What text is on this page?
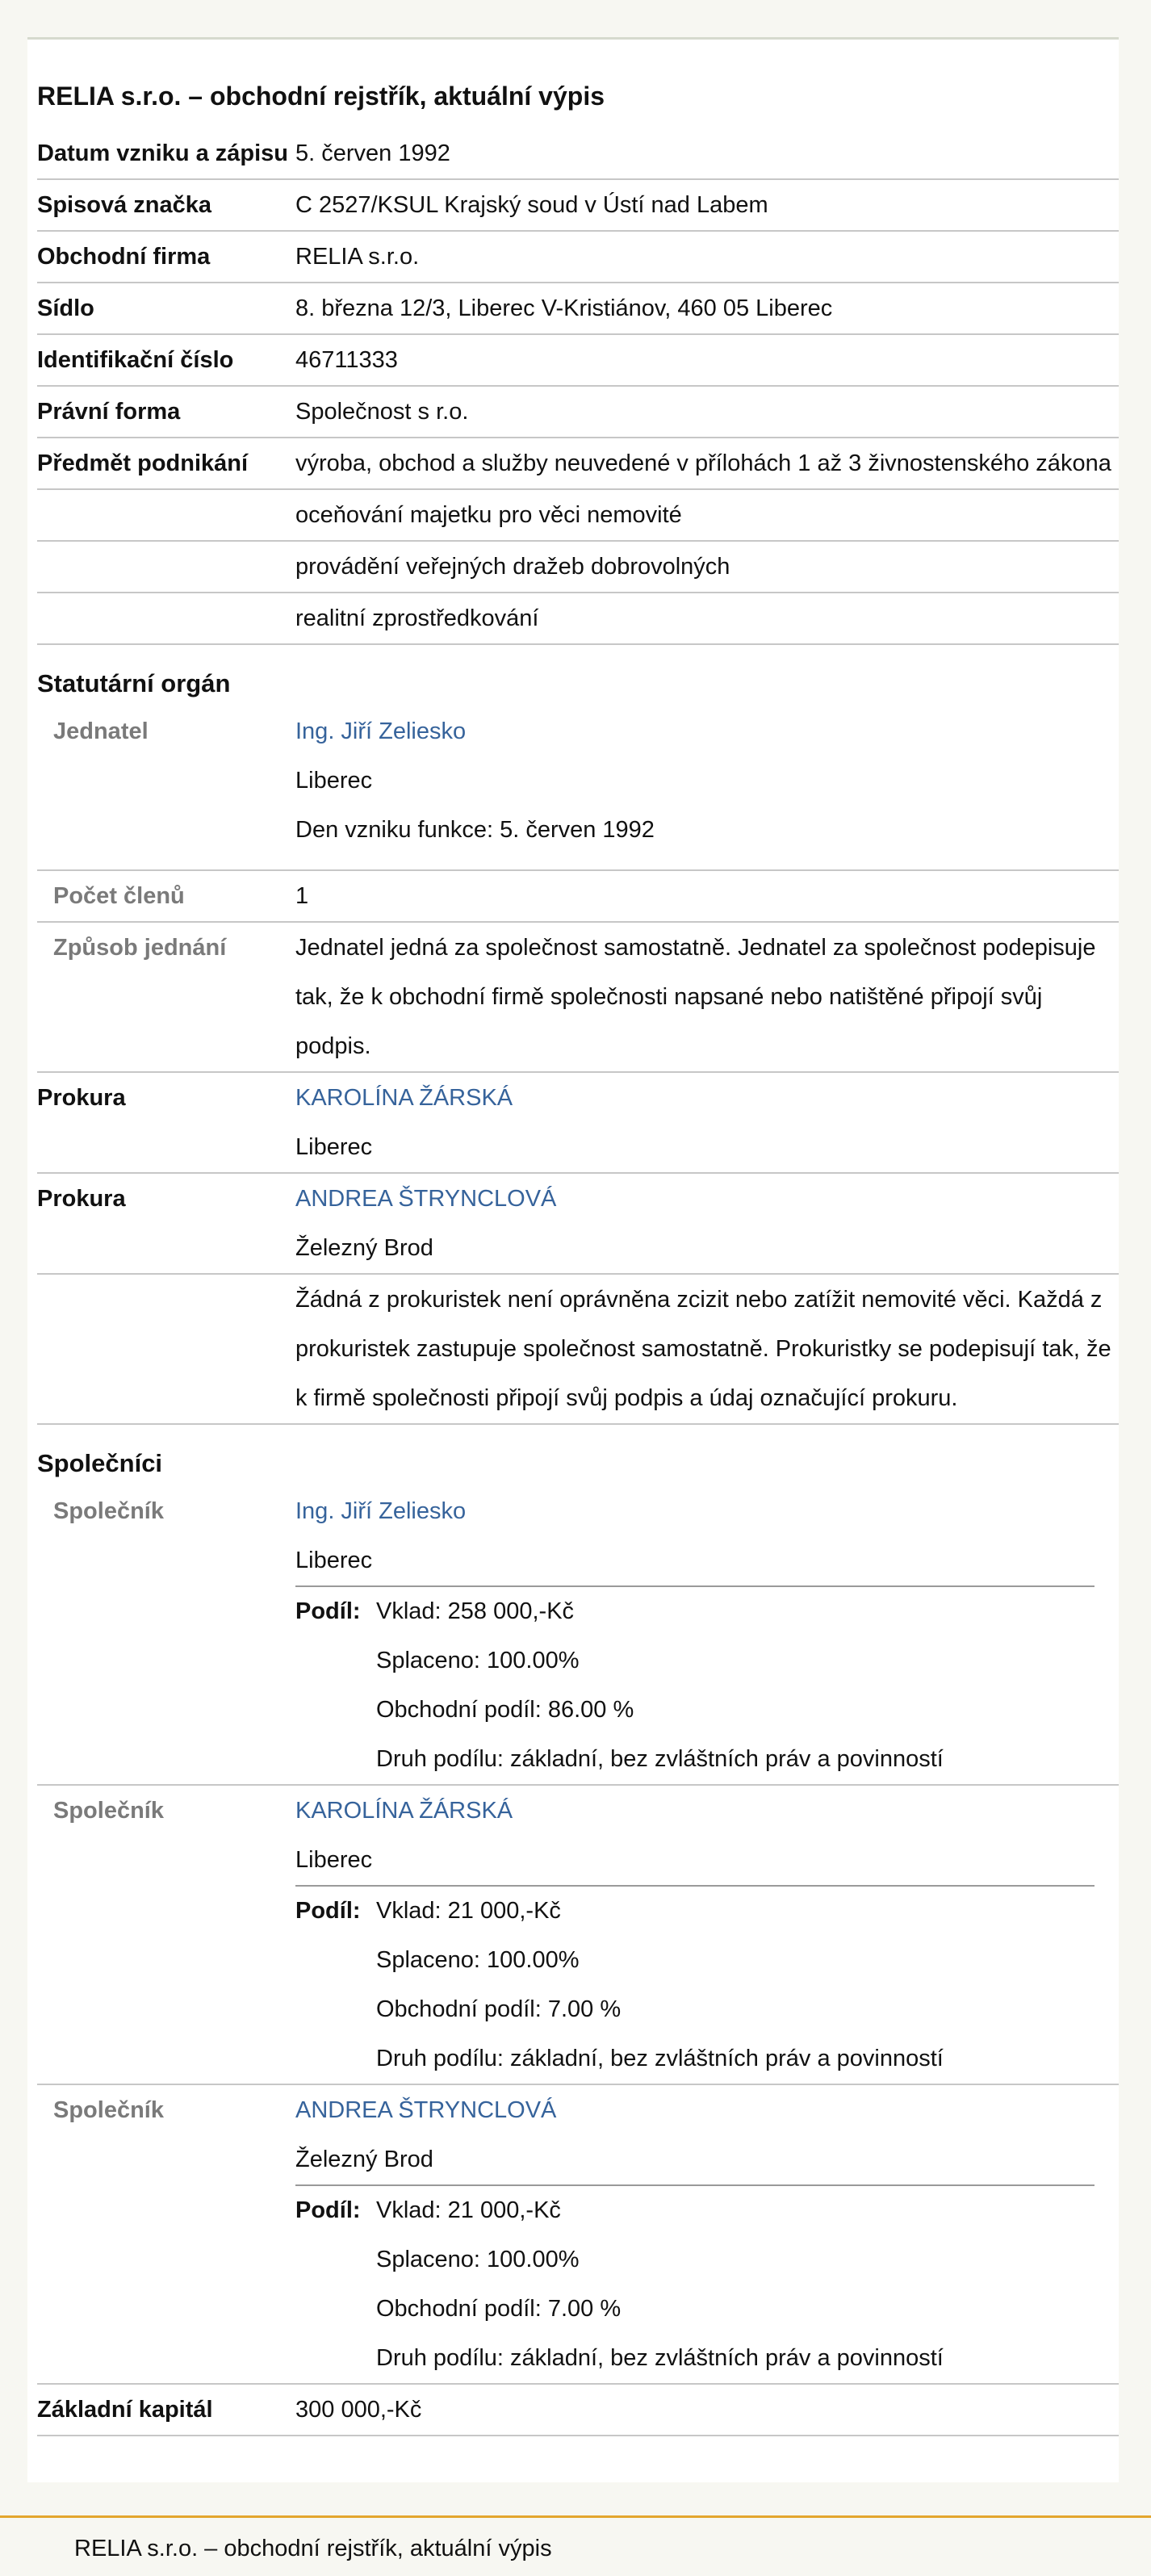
RELIA s.r.o. – obchodní rejstřík, aktuální výpis
Datum vzniku a zápisu 5. červen 1992
Spisová značka	C 2527/KSUL Krajský soud v Ústí nad Labem
Obchodní firma	RELIA s.r.o.
Sídlo	8. března 12/3, Liberec V-Kristiánov, 460 05 Liberec
Identifikační číslo	46711333
Právní forma	Společnost s r.o.
Předmět podnikání	výroba, obchod a služby neuvedené v přílohách 1 až 3 živnostenského zákona
oceňování majetku pro věci nemovité
provádění veřejných dražeb dobrovolných
realitní zprostředkování
Statutární orgán
Jednatel	Ing. Jiří Zeliesko
Liberec
Den vzniku funkce: 5. červen 1992
Počet členů	1
Způsob jednání	Jednatel jedná za společnost samostatně. Jednatel za společnost podepisuje tak, že k obchodní firmě společnosti napsané nebo natištěné připojí svůj podpis.
Prokura	KAROLÍNA ŽÁRSKÁ
Liberec
Prokura	ANDREA ŠTRYNCLOVÁ
Železný Brod
Žádná z prokuristek není oprávněna zcizit nebo zatížit nemovité věci. Každá z prokuristek zastupuje společnost samostatně. Prokuristky se podepisují tak, že k firmě společnosti připojí svůj podpis a údaj označující prokuru.
Společníci
Společník	Ing. Jiří Zeliesko
Liberec
Podíl: Vklad: 258 000,-Kč
Splaceno: 100.00%
Obchodní podíl: 86.00 %
Druh podílu: základní, bez zvláštních práv a povinností
Společník	KAROLÍNA ŽÁRSKÁ
Liberec
Podíl: Vklad: 21 000,-Kč
Splaceno: 100.00%
Obchodní podíl: 7.00 %
Druh podílu: základní, bez zvláštních práv a povinností
Společník	ANDREA ŠTRYNCLOVÁ
Železný Brod
Podíl: Vklad: 21 000,-Kč
Splaceno: 100.00%
Obchodní podíl: 7.00 %
Druh podílu: základní, bez zvláštních práv a povinností
Základní kapitál	300 000,-Kč
RELIA s.r.o. – obchodní rejstřík, aktuální výpis
